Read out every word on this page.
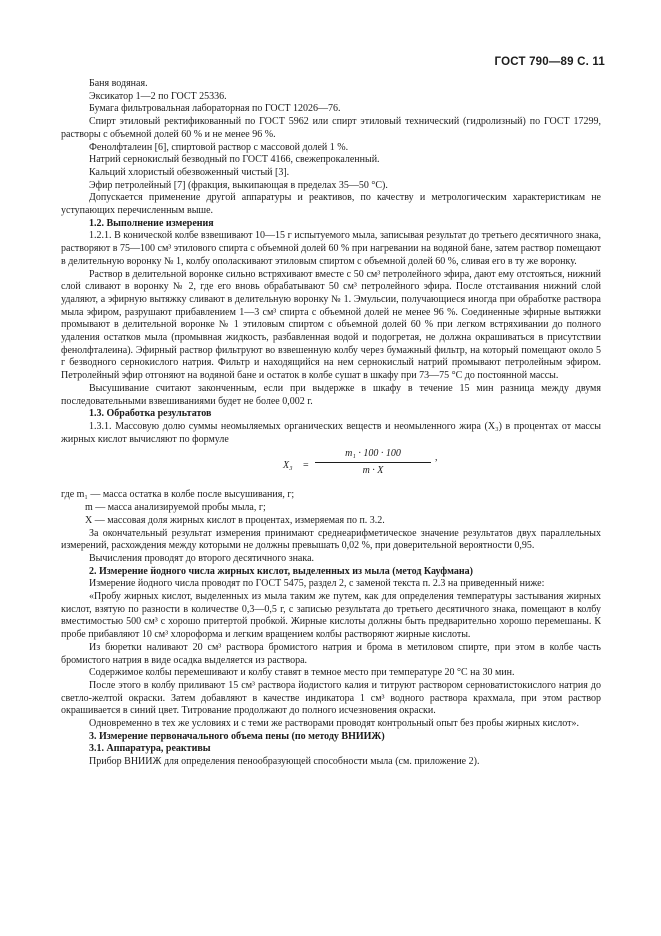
ГОСТ 790—89 С. 11

Баня водяная.

Эксикатор 1—2 по ГОСТ 25336.

Бумага фильтровальная лабораторная по ГОСТ 12026—76.

Спирт этиловый ректификованный по ГОСТ 5962 или спирт этиловый технический (гидролизный) по ГОСТ 17299, растворы с объемной долей 60 % и не менее 96 %.

Фенолфталеин [6], спиртовой раствор с массовой долей 1 %.

Натрий сернокислый безводный по ГОСТ 4166, свежепрокаленный.

Кальций хлористый обезвоженный чистый [3].

Эфир петролейный [7] (фракция, выкипающая в пределах 35—50 °С).

Допускается применение другой аппаратуры и реактивов, по качеству и метрологическим характеристикам не уступающих перечисленным выше.

1.2. Выполнение измерения

1.2.1. В конической колбе взвешивают 10—15 г испытуемого мыла, записывая результат до третьего десятичного знака, растворяют в 75—100 см³ этилового спирта с объемной долей 60 % при нагревании на водяной бане, затем раствор помещают в делительную воронку № 1, колбу ополаскивают этиловым спиртом с объемной долей 60 %, сливая его в ту же воронку.

Раствор в делительной воронке сильно встряхивают вместе с 50 см³ петролейного эфира, дают ему отстояться, нижний слой сливают в воронку № 2, где его вновь обрабатывают 50 см³ петролейного эфира. После отстаивания нижний слой удаляют, а эфирную вытяжку сливают в делительную воронку № 1. Эмульсии, получающиеся иногда при обработке раствора мыла эфиром, разрушают прибавлением 1—3 см³ спирта с объемной долей не менее 96 %. Соединенные эфирные вытяжки промывают в делительной воронке № 1 этиловым спиртом с объемной долей 60 % при легком встряхивании до полного удаления остатков мыла (промывная жидкость, разбавленная водой и подогретая, не должна окрашиваться в присутствии фенолфталеина). Эфирный раствор фильтруют во взвешенную колбу через бумажный фильтр, на который помещают около 5 г безводного сернокислого натрия. Фильтр и находящийся на нем сернокислый натрий промывают петролейным эфиром. Петролейный эфир отгоняют на водяной бане и остаток в колбе сушат в шкафу при 73—75 °С до постоянной массы.

Высушивание считают законченным, если при выдержке в шкафу в течение 15 мин разница между двумя последовательными взвешиваниями будет не более 0,002 г.

1.3. Обработка результатов

1.3.1. Массовую долю суммы неомыляемых органических веществ и неомыленного жира (X₃) в процентах от массы жирных кислот вычисляют по формуле

$X_3 = \frac{\text{m₁ · 100 · 100}}{m \cdot X}$ ,

где m₁ — масса остатка в колбе после высушивания, г;

m — масса анализируемой пробы мыла, г;

X — массовая доля жирных кислот в процентах, измеряемая по п. 3.2.

За окончательный результат измерения принимают среднеарифметическое значение результатов двух параллельных измерений, расхождения между которыми не должны превышать 0,02 %, при доверительной вероятности 0,95.

Вычисления проводят до второго десятичного знака.

2. Измерение йодного числа жирных кислот, выделенных из мыла (метод Кауфмана)

Измерение йодного числа проводят по ГОСТ 5475, раздел 2, с заменой текста п. 2.3 на приведенный ниже:

«Пробу жирных кислот, выделенных из мыла таким же путем, как для определения температуры застывания жирных кислот, взятую по разности в количестве 0,3—0,5 г, с записью результата до третьего десятичного знака, помещают в колбу вместимостью 500 см³ с хорошо притертой пробкой. Жирные кислоты должны быть предварительно хорошо перемешаны. К пробе прибавляют 10 см³ хлороформа и легким вращением колбы растворяют жирные кислоты.

Из бюретки наливают 20 см³ раствора бромистого натрия и брома в метиловом спирте, при этом в колбе часть бромистого натрия в виде осадка выделяется из раствора.

Содержимое колбы перемешивают и колбу ставят в темное место при температуре 20 °С на 30 мин.

После этого в колбу приливают 15 см³ раствора йодистого калия и титруют раствором серноватистокислого натрия до светло-желтой окраски. Затем добавляют в качестве индикатора 1 см³ водного раствора крахмала, при этом раствор окрашивается в синий цвет. Титрование продолжают до полного исчезновения окраски.

Одновременно в тех же условиях и с теми же растворами проводят контрольный опыт без пробы жирных кислот».

3. Измерение первоначального объема пены (по методу ВНИИЖ)

3.1. Аппаратура, реактивы

Прибор ВНИИЖ для определения пенообразующей способности мыла (см. приложение 2).
